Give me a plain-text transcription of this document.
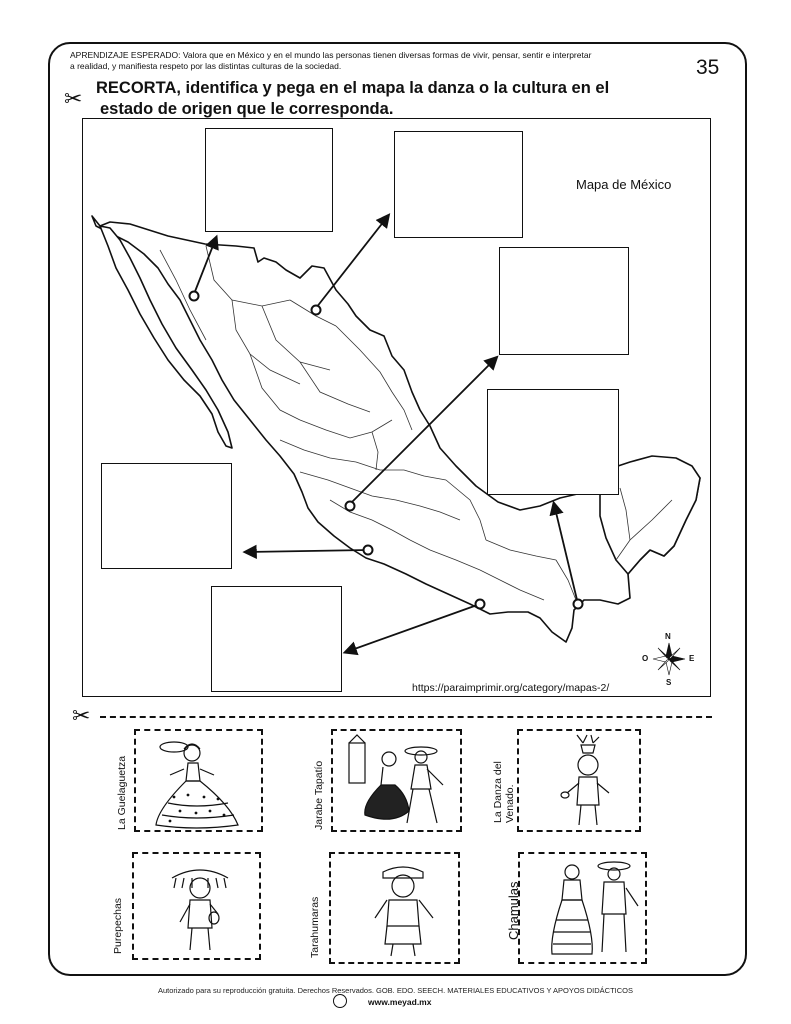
APRENDIZAJE ESPERADO: Valora que en México y en el mundo las personas tienen diversas formas de vivir, pensar, sentir e interpretar
a realidad, y manifiesta respeto por las distintas culturas de la sociedad.	35
✂ RECORTA, identifica y pega en el mapa la danza o la cultura en el
estado de origen que le corresponda.
Mapa de México
https://paraimprimir.org/category/mapas-2/
N
S
E
O
✂
La Guelaguetza	Jarabe Tapatío	La Danza del Venado.
Purepechas	Tarahumaras	Chamulas
Autorizado para su reproducción gratuita. Derechos Reservados. GOB. EDO. SEECH. MATERIALES EDUCATIVOS Y APOYOS DIDÁCTICOS
www.meyad.mx
